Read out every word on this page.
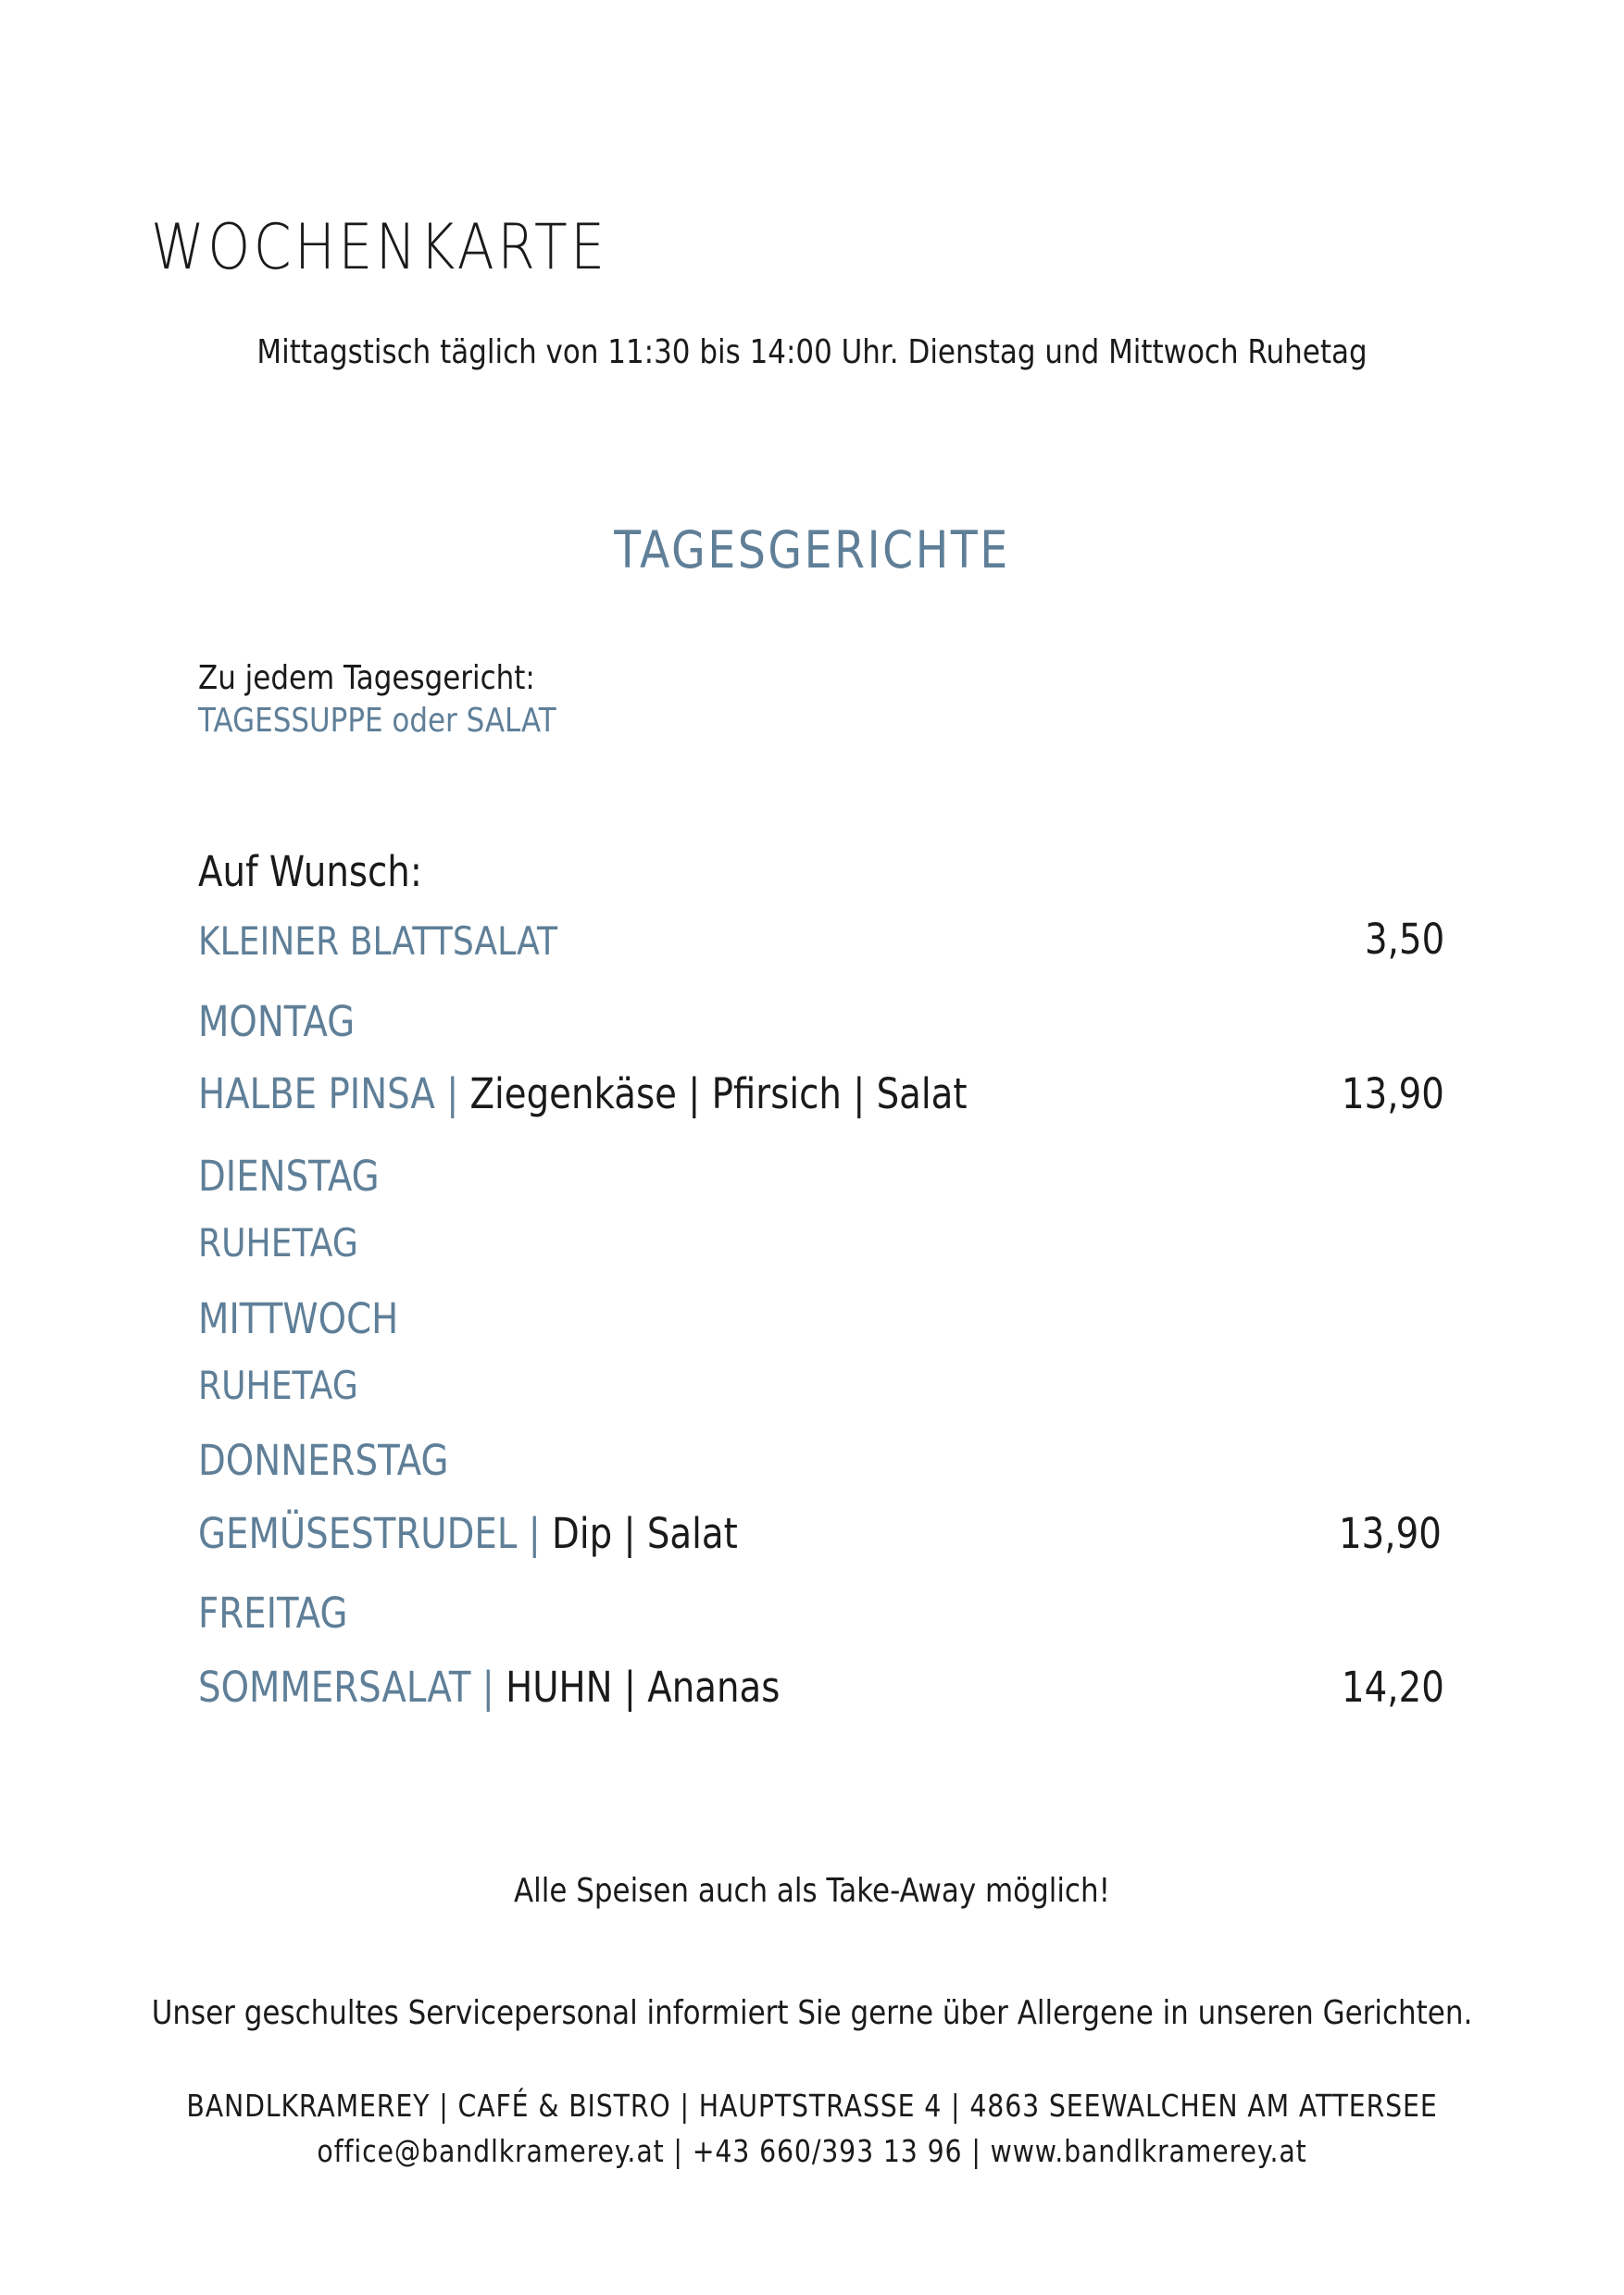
WOCHENKARTE
Mittagstisch täglich von 11:30 bis 14:00 Uhr. Dienstag und Mittwoch Ruhetag
TAGESGERICHTE
Zu jedem Tagesgericht:
TAGESSUPPE oder SALAT
Auf Wunsch:
KLEINER BLATTSALAT	3,50
MONTAG
HALBE PINSA | Ziegenkäse | Pfirsich | Salat	13,90
DIENSTAG
RUHETAG
MITTWOCH
RUHETAG
DONNERSTAG
GEMÜSESTRUDEL | Dip | Salat	13,90
FREITAG
SOMMERSALAT | HUHN | Ananas	14,20
Alle Speisen auch als Take-Away möglich!
Unser geschultes Servicepersonal informiert Sie gerne über Allergene in unseren Gerichten.
BANDLKRAMEREY | CAFÉ & BISTRO | HAUPTSTRASSE 4 | 4863 SEEWALCHEN AM ATTERSEE
office@bandlkramerey.at | +43 660/393 13 96 | www.bandlkramerey.at
